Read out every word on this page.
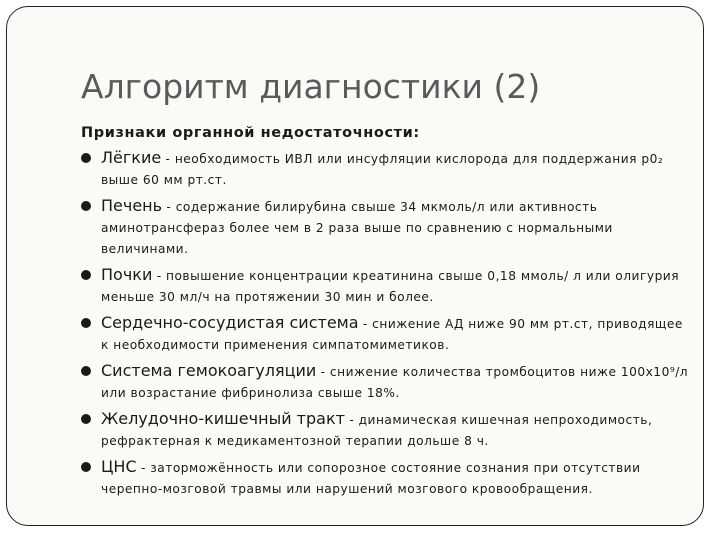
Алгоритм диагностики (2)
Признаки органной недостаточности:
Лёгкие - необходимость ИВЛ или инсуфляции кислорода для поддержания р0₂ выше 60 мм рт.ст.
Печень - содержание билирубина свыше 34 мкмоль/л или активность аминотрансфераз более чем в 2 раза выше по сравнению с нормальными величинами.
Почки - повышение концентрации креатинина свыше 0,18 ммоль/ л или олигурия меньше 30 мл/ч на протяжении 30 мин и более.
Сердечно-сосудистая система - снижение АД ниже 90 мм рт.ст, приводящее к необходимости применения симпатомиметиков.
Система гемокоагуляции - снижение количества тромбоцитов ниже 100x10⁹/л или возрастание фибринолиза свыше 18%.
Желудочно-кишечный тракт - динамическая кишечная непроходимость, рефрактерная к медикаментозной терапии дольше 8 ч.
ЦНС - заторможённость или сопорозное состояние сознания при отсутствии черепно-мозговой травмы или нарушений мозгового кровообращения.
